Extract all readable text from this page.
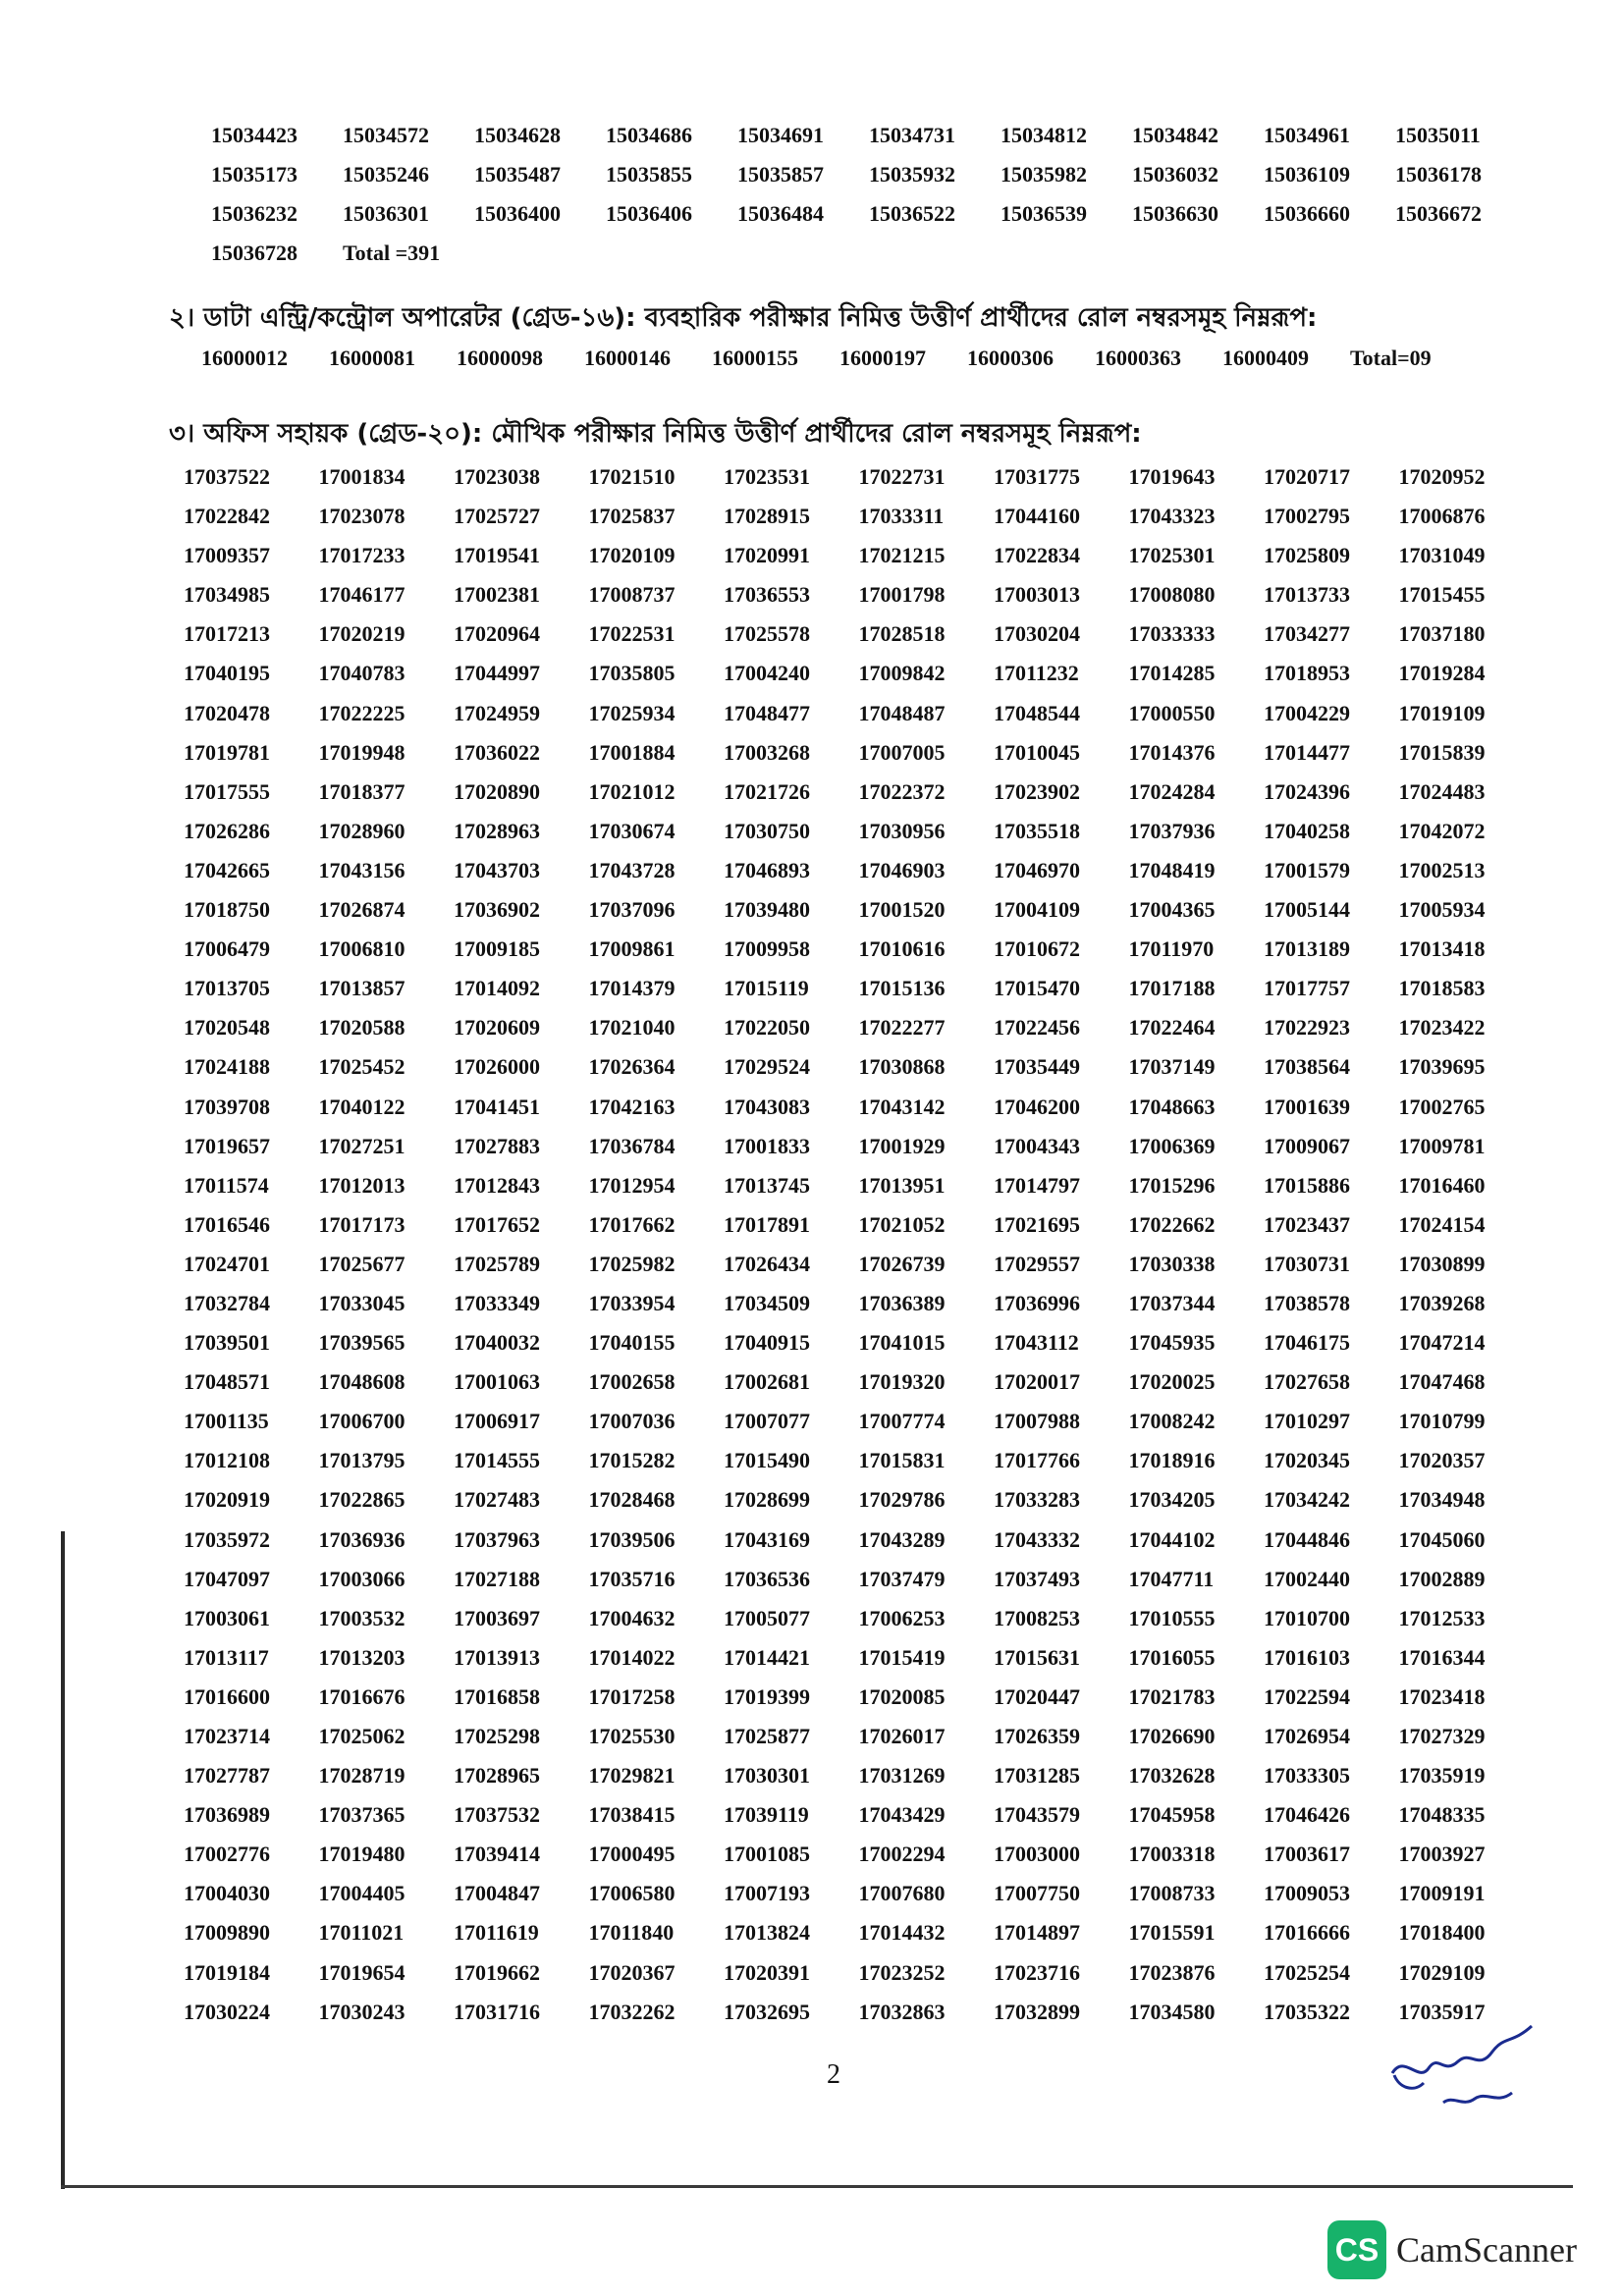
15034423	15034572	15034628	15034686	15034691	15034731	15034812	15034842	15034961	15035011
15035173	15035246	15035487	15035855	15035857	15035932	15035982	15036032	15036109	15036178
15036232	15036301	15036400	15036406	15036484	15036522	15036539	15036630	15036660	15036672
15036728	Total =391
২। ডাটা এন্ট্রি/কন্ট্রোল অপারেটর (গ্রেড-১৬): ব্যবহারিক পরীক্ষার নিমিত্ত উত্তীর্ণ প্রার্থীদের রোল নম্বরসমূহ নিম্নরূপ:
16000012	16000081	16000098	16000146	16000155	16000197	16000306	16000363	16000409	Total=09
৩। অফিস সহায়ক (গ্রেড-২০): মৌখিক পরীক্ষার নিমিত্ত উত্তীর্ণ প্রার্থীদের রোল নম্বরসমূহ নিম্নরূপ:
17037522	17001834	17023038	17021510	17023531	17022731	17031775	17019643	17020717	17020952
17022842	17023078	17025727	17025837	17028915	17033311	17044160	17043323	17002795	17006876
17009357	17017233	17019541	17020109	17020991	17021215	17022834	17025301	17025809	17031049
17034985	17046177	17002381	17008737	17036553	17001798	17003013	17008080	17013733	17015455
17017213	17020219	17020964	17022531	17025578	17028518	17030204	17033333	17034277	17037180
17040195	17040783	17044997	17035805	17004240	17009842	17011232	17014285	17018953	17019284
17020478	17022225	17024959	17025934	17048477	17048487	17048544	17000550	17004229	17019109
17019781	17019948	17036022	17001884	17003268	17007005	17010045	17014376	17014477	17015839
17017555	17018377	17020890	17021012	17021726	17022372	17023902	17024284	17024396	17024483
17026286	17028960	17028963	17030674	17030750	17030956	17035518	17037936	17040258	17042072
17042665	17043156	17043703	17043728	17046893	17046903	17046970	17048419	17001579	17002513
17018750	17026874	17036902	17037096	17039480	17001520	17004109	17004365	17005144	17005934
17006479	17006810	17009185	17009861	17009958	17010616	17010672	17011970	17013189	17013418
17013705	17013857	17014092	17014379	17015119	17015136	17015470	17017188	17017757	17018583
17020548	17020588	17020609	17021040	17022050	17022277	17022456	17022464	17022923	17023422
17024188	17025452	17026000	17026364	17029524	17030868	17035449	17037149	17038564	17039695
17039708	17040122	17041451	17042163	17043083	17043142	17046200	17048663	17001639	17002765
17019657	17027251	17027883	17036784	17001833	17001929	17004343	17006369	17009067	17009781
17011574	17012013	17012843	17012954	17013745	17013951	17014797	17015296	17015886	17016460
17016546	17017173	17017652	17017662	17017891	17021052	17021695	17022662	17023437	17024154
17024701	17025677	17025789	17025982	17026434	17026739	17029557	17030338	17030731	17030899
17032784	17033045	17033349	17033954	17034509	17036389	17036996	17037344	17038578	17039268
17039501	17039565	17040032	17040155	17040915	17041015	17043112	17045935	17046175	17047214
17048571	17048608	17001063	17002658	17002681	17019320	17020017	17020025	17027658	17047468
17001135	17006700	17006917	17007036	17007077	17007774	17007988	17008242	17010297	17010799
17012108	17013795	17014555	17015282	17015490	17015831	17017766	17018916	17020345	17020357
17020919	17022865	17027483	17028468	17028699	17029786	17033283	17034205	17034242	17034948
17035972	17036936	17037963	17039506	17043169	17043289	17043332	17044102	17044846	17045060
17047097	17003066	17027188	17035716	17036536	17037479	17037493	17047711	17002440	17002889
17003061	17003532	17003697	17004632	17005077	17006253	17008253	17010555	17010700	17012533
17013117	17013203	17013913	17014022	17014421	17015419	17015631	17016055	17016103	17016344
17016600	17016676	17016858	17017258	17019399	17020085	17020447	17021783	17022594	17023418
17023714	17025062	17025298	17025530	17025877	17026017	17026359	17026690	17026954	17027329
17027787	17028719	17028965	17029821	17030301	17031269	17031285	17032628	17033305	17035919
17036989	17037365	17037532	17038415	17039119	17043429	17043579	17045958	17046426	17048335
17002776	17019480	17039414	17000495	17001085	17002294	17003000	17003318	17003617	17003927
17004030	17004405	17004847	17006580	17007193	17007680	17007750	17008733	17009053	17009191
17009890	17011021	17011619	17011840	17013824	17014432	17014897	17015591	17016666	17018400
17019184	17019654	17019662	17020367	17020391	17023252	17023716	17023876	17025254	17029109
17030224	17030243	17031716	17032262	17032695	17032863	17032899	17034580	17035322	17035917
2
CS CamScanner
